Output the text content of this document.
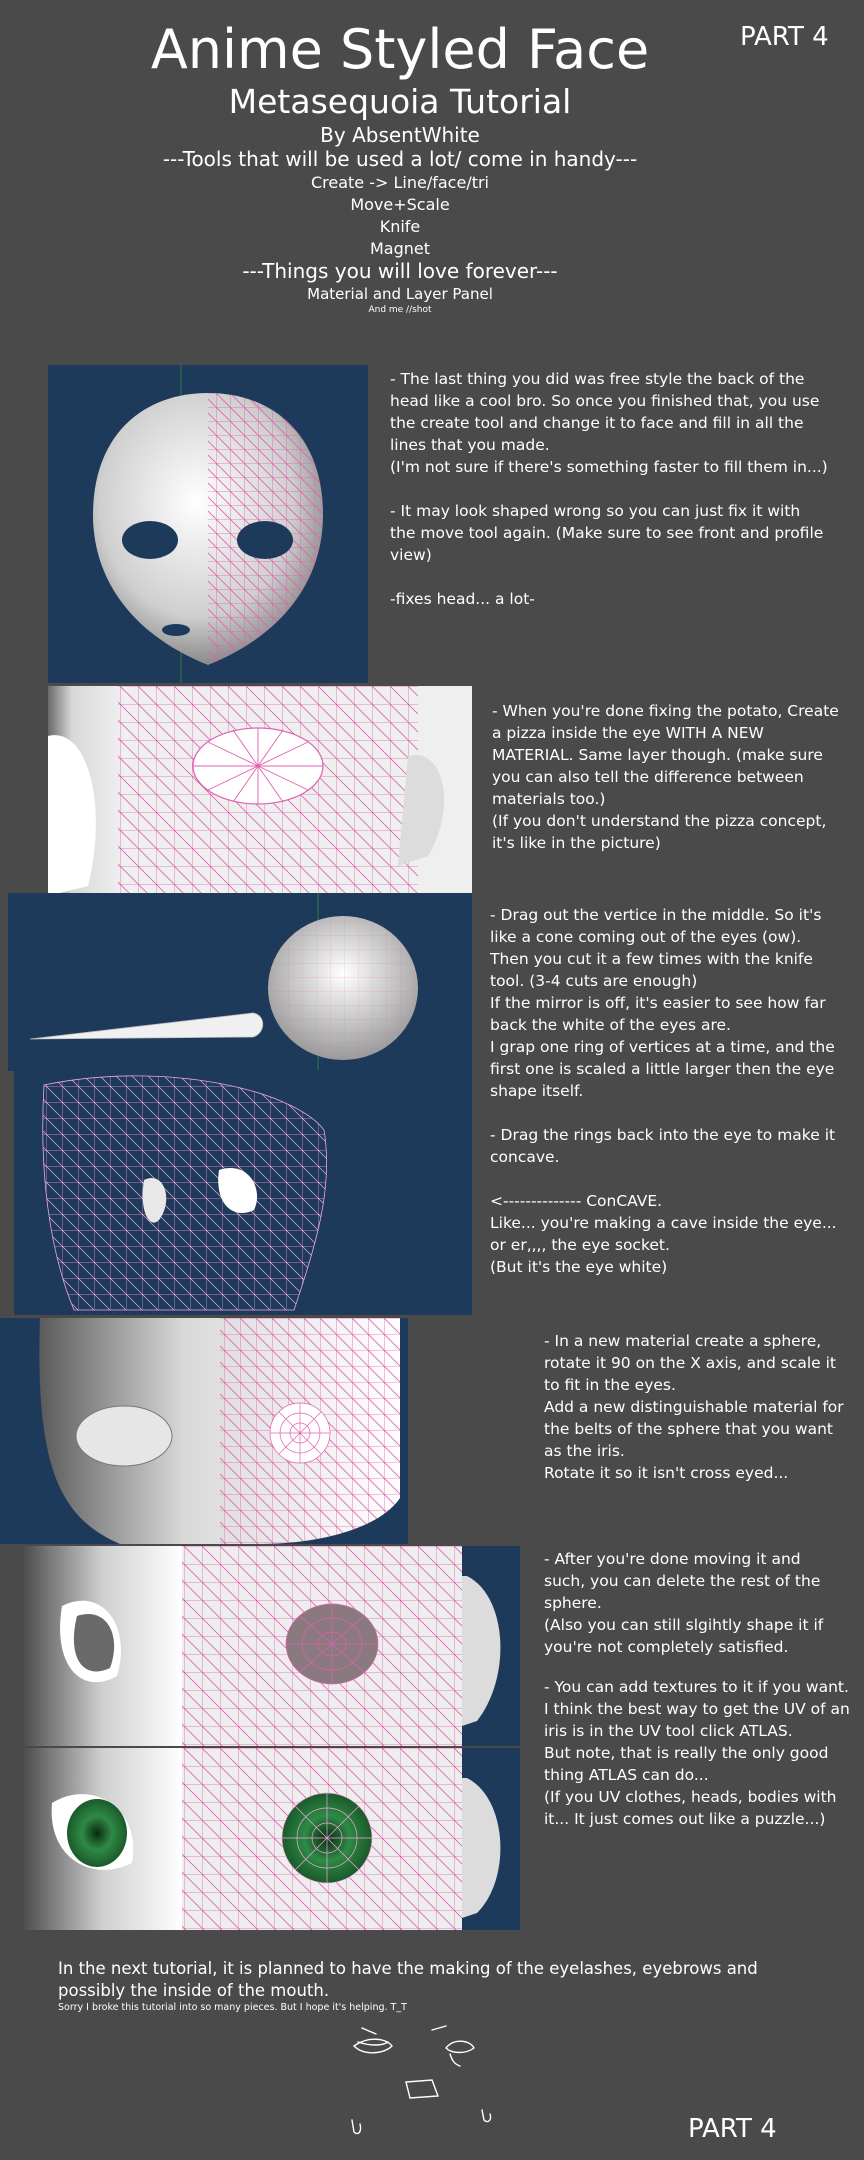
Anime Styled Face
Metasequoia Tutorial
By AbsentWhite
PART 4
---Tools that will be used a lot/ come in handy---
Create -> Line/face/tri
Move+Scale
Knife
Magnet
---Things you will love forever---
Material and Layer Panel
And me //shot
- The last thing you did was free style the back of the head like a cool bro. So once you finished that, you use the create tool and change it to face and fill in all the lines that you made.
(I'm not sure if there's something faster to fill them in...)

- It may look shaped wrong so you can just fix it with the move tool again. (Make sure to see front and profile view)

-fixes head... a lot-
- When you're done fixing the potato, Create a pizza inside the eye WITH A NEW MATERIAL. Same layer though. (make sure you can also tell the difference between materials too.)
(If you don't understand the pizza concept, it's like in the picture)
- Drag out the vertice in the middle. So it's like a cone coming out of the eyes (ow).
Then you cut it a few times with the knife tool. (3-4 cuts are enough)
If the mirror is off, it's easier to see how far back the white of the eyes are.
I grap one ring of vertices at a time, and the first one is scaled a little larger then the eye shape itself.

- Drag the rings back into the eye to make it concave.

<-------------- ConCAVE.
Like... you're making a cave inside the eye...
or er,,,, the eye socket.
(But it's the eye white)
- In a new material create a sphere, rotate it 90 on the X axis, and scale it to fit in the eyes.
Add a new distinguishable material for the belts of the sphere that you want as the iris.
Rotate it so it isn't cross eyed...
- After you're done moving it and such, you can delete the rest of the sphere.
(Also you can still slgihtly shape it if you're not completely satisfied.
- You can add textures to it if you want.
I think the best way to get the UV of an iris is in the UV tool click ATLAS.
But note, that is really the only good thing ATLAS can do...
(If you UV clothes, heads, bodies with it... It just comes out like a puzzle...)
In the next tutorial, it is planned to have the making of the eyelashes, eyebrows and possibly the inside of the mouth.
Sorry I broke this tutorial into so many pieces. But I hope it's helping. T_T
PART 4
